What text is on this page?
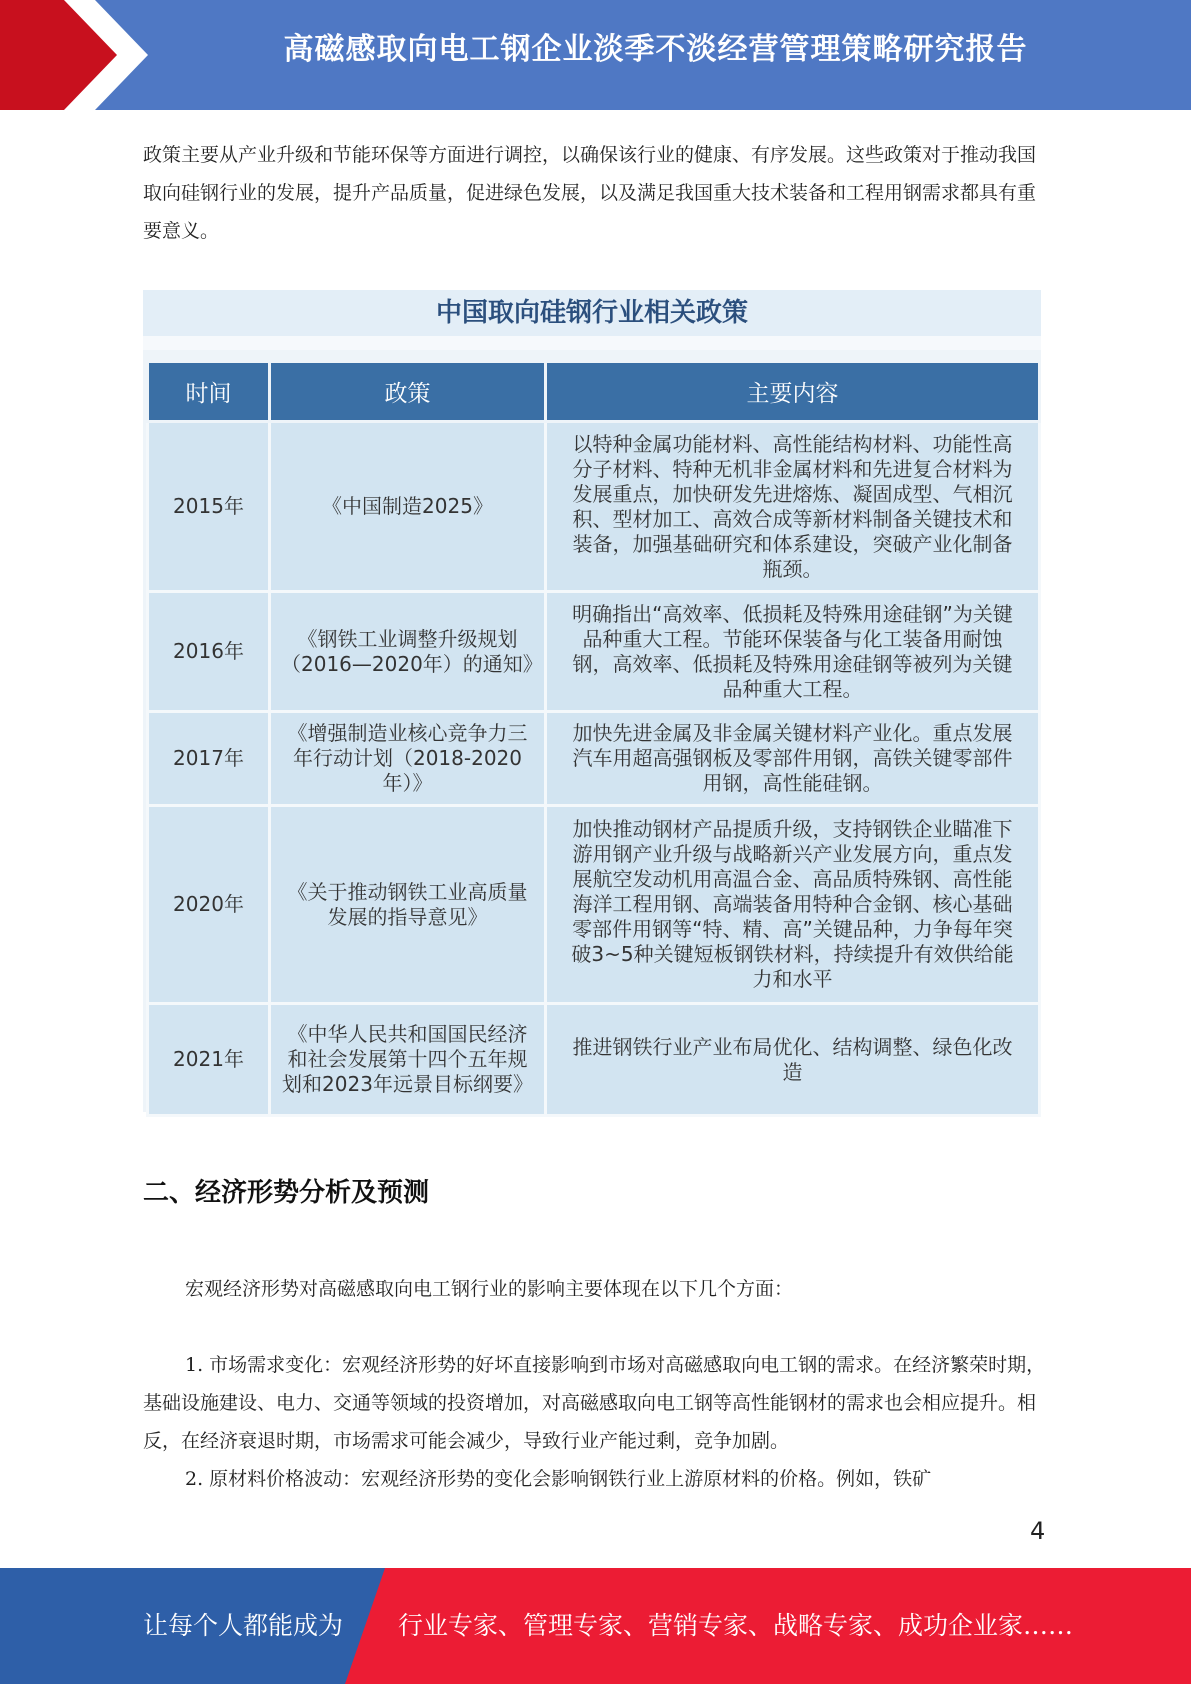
高磁感取向电工钢企业淡季不淡经营管理策略研究报告

政策主要从产业升级和节能环保等方面进行调控，以确保该行业的健康、有序发展。这些政策对于推动我国取向硅钢行业的发展，提升产品质量，促进绿色发展，以及满足我国重大技术装备和工程用钢需求都具有重要意义。

中国取向硅钢行业相关政策
时间	政策	主要内容
2015年	《中国制造2025》	以特种金属功能材料、高性能结构材料、功能性高分子材料、特种无机非金属材料和先进复合材料为发展重点，加快研发先进熔炼、凝固成型、气相沉积、型材加工、高效合成等新材料制备关键技术和装备，加强基础研究和体系建设，突破产业化制备瓶颈。
2016年	《钢铁工业调整升级规划（2016—2020年）的通知》	明确指出“高效率、低损耗及特殊用途硅钢”为关键品种重大工程。节能环保装备与化工装备用耐蚀钢，高效率、低损耗及特殊用途硅钢等被列为关键品种重大工程。
2017年	《增强制造业核心竞争力三年行动计划（2018-2020年）》	加快先进金属及非金属关键材料产业化。重点发展汽车用超高强钢板及零部件用钢，高铁关键零部件用钢，高性能硅钢。
2020年	《关于推动钢铁工业高质量发展的指导意见》	加快推动钢材产品提质升级，支持钢铁企业瞄准下游用钢产业升级与战略新兴产业发展方向，重点发展航空发动机用高温合金、高品质特殊钢、高性能海洋工程用钢、高端装备用特种合金钢、核心基础零部件用钢等“特、精、高”关键品种，力争每年突破3~5种关键短板钢铁材料，持续提升有效供给能力和水平
2021年	《中华人民共和国国民经济和社会发展第十四个五年规划和2023年远景目标纲要》	推进钢铁行业产业布局优化、结构调整、绿色化改造
二、经济形势分析及预测

宏观经济形势对高磁感取向电工钢行业的影响主要体现在以下几个方面：

1. 市场需求变化：宏观经济形势的好坏直接影响到市场对高磁感取向电工钢的需求。在经济繁荣时期，基础设施建设、电力、交通等领域的投资增加，对高磁感取向电工钢等高性能钢材的需求也会相应提升。相反，在经济衰退时期，市场需求可能会减少，导致行业产能过剩，竞争加剧。

2. 原材料价格波动：宏观经济形势的变化会影响钢铁行业上游原材料的价格。例如，铁矿

4
让每个人都能成为 行业专家、管理专家、营销专家、战略专家、成功企业家……
